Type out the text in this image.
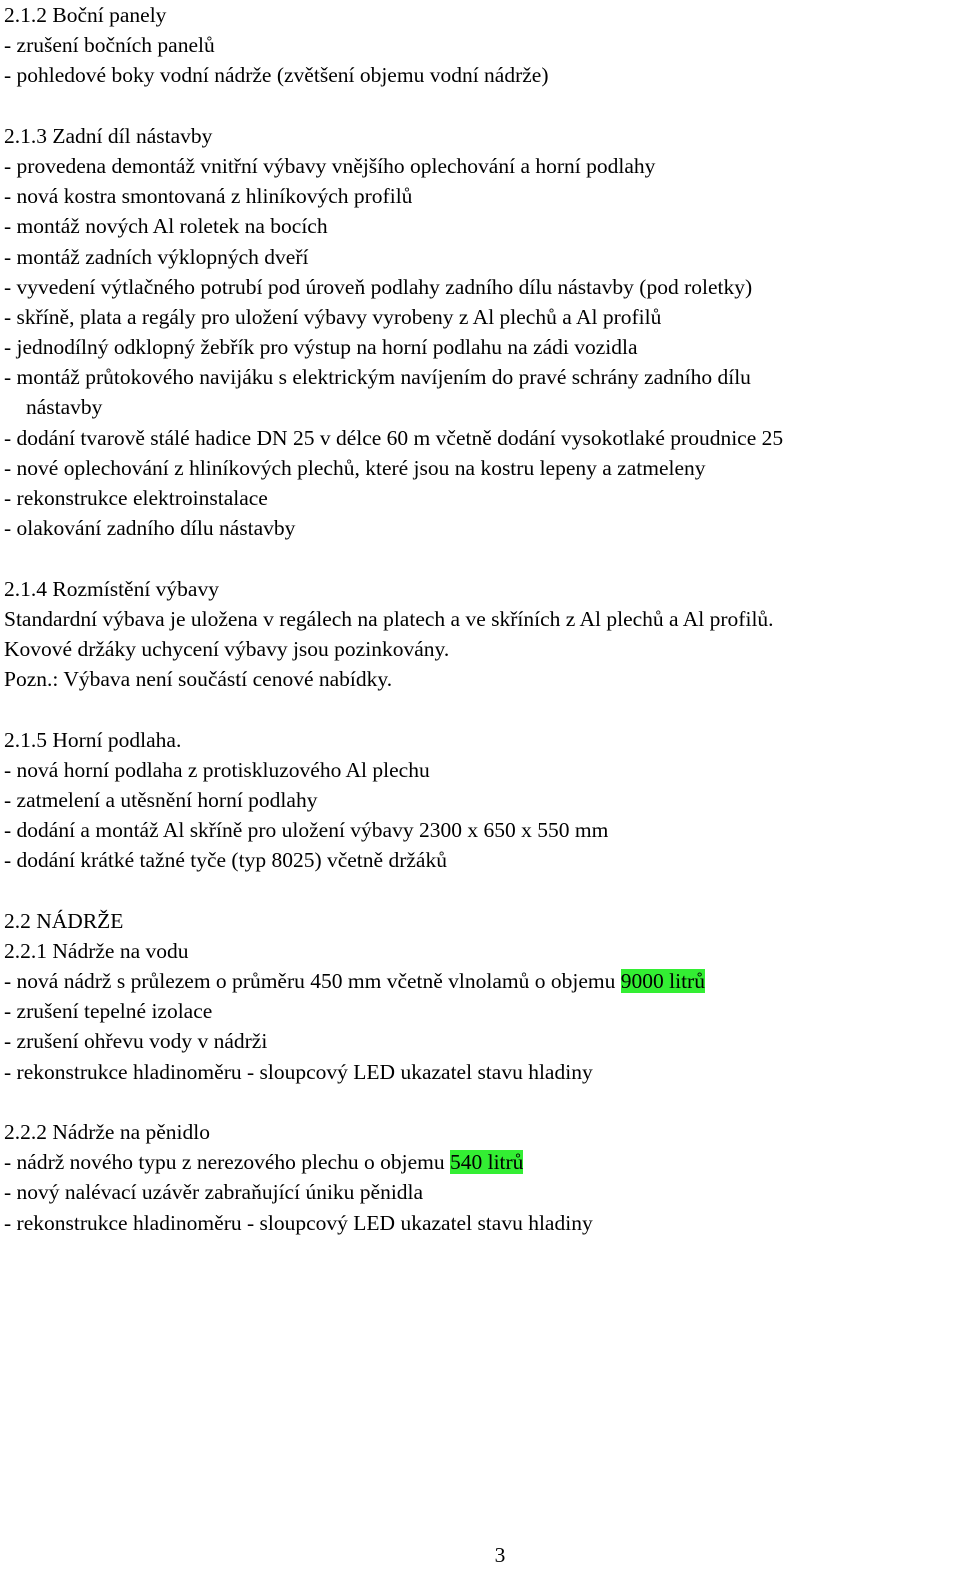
2.1.2 Boční panely
- zrušení bočních panelů
- pohledové boky vodní nádrže (zvětšení objemu vodní nádrže)
2.1.3 Zadní díl nástavby
- provedena demontáž vnitřní výbavy vnějšího oplechování a horní podlahy
- nová kostra smontovaná z hliníkových profilů
- montáž nových Al roletek na bocích
- montáž zadních výklopných dveří
- vyvedení výtlačného potrubí pod úroveň podlahy zadního dílu nástavby (pod roletky)
- skříně, plata a regály pro uložení výbavy vyrobeny z Al plechů a Al profilů
- jednodílný odklopný žebřík pro výstup na horní podlahu na zádi vozidla
- montáž průtokového navijáku s elektrickým navíjením do pravé schrány zadního dílu
nástavby
- dodání tvarově stálé hadice DN 25 v délce 60 m včetně dodání vysokotlaké proudnice 25
- nové oplechování z hliníkových plechů, které jsou na kostru lepeny a zatmeleny
- rekonstrukce elektroinstalace
- olakování zadního dílu nástavby
2.1.4 Rozmístění výbavy
Standardní výbava je uložena v regálech na platech a ve skříních z Al plechů a Al profilů.
Kovové držáky uchycení výbavy jsou pozinkovány.
Pozn.: Výbava není součástí cenové nabídky.
2.1.5 Horní podlaha.
- nová horní podlaha z protiskluzového Al plechu
- zatmelení a utěsnění horní podlahy
- dodání a montáž Al skříně pro uložení výbavy 2300 x 650 x 550 mm
- dodání krátké tažné tyče (typ 8025) včetně držáků
2.2 NÁDRŽE
2.2.1 Nádrže na vodu
- nová nádrž s průlezem o průměru 450 mm včetně vlnolamů o objemu 9000 litrů
- zrušení tepelné izolace
- zrušení ohřevu vody v nádrži
- rekonstrukce hladinoměru - sloupcový LED ukazatel stavu hladiny
2.2.2 Nádrže na pěnidlo
- nádrž nového typu z nerezového plechu o objemu 540 litrů
- nový nalévací uzávěr zabraňující úniku pěnidla
- rekonstrukce hladinoměru - sloupcový LED ukazatel stavu hladiny
3
